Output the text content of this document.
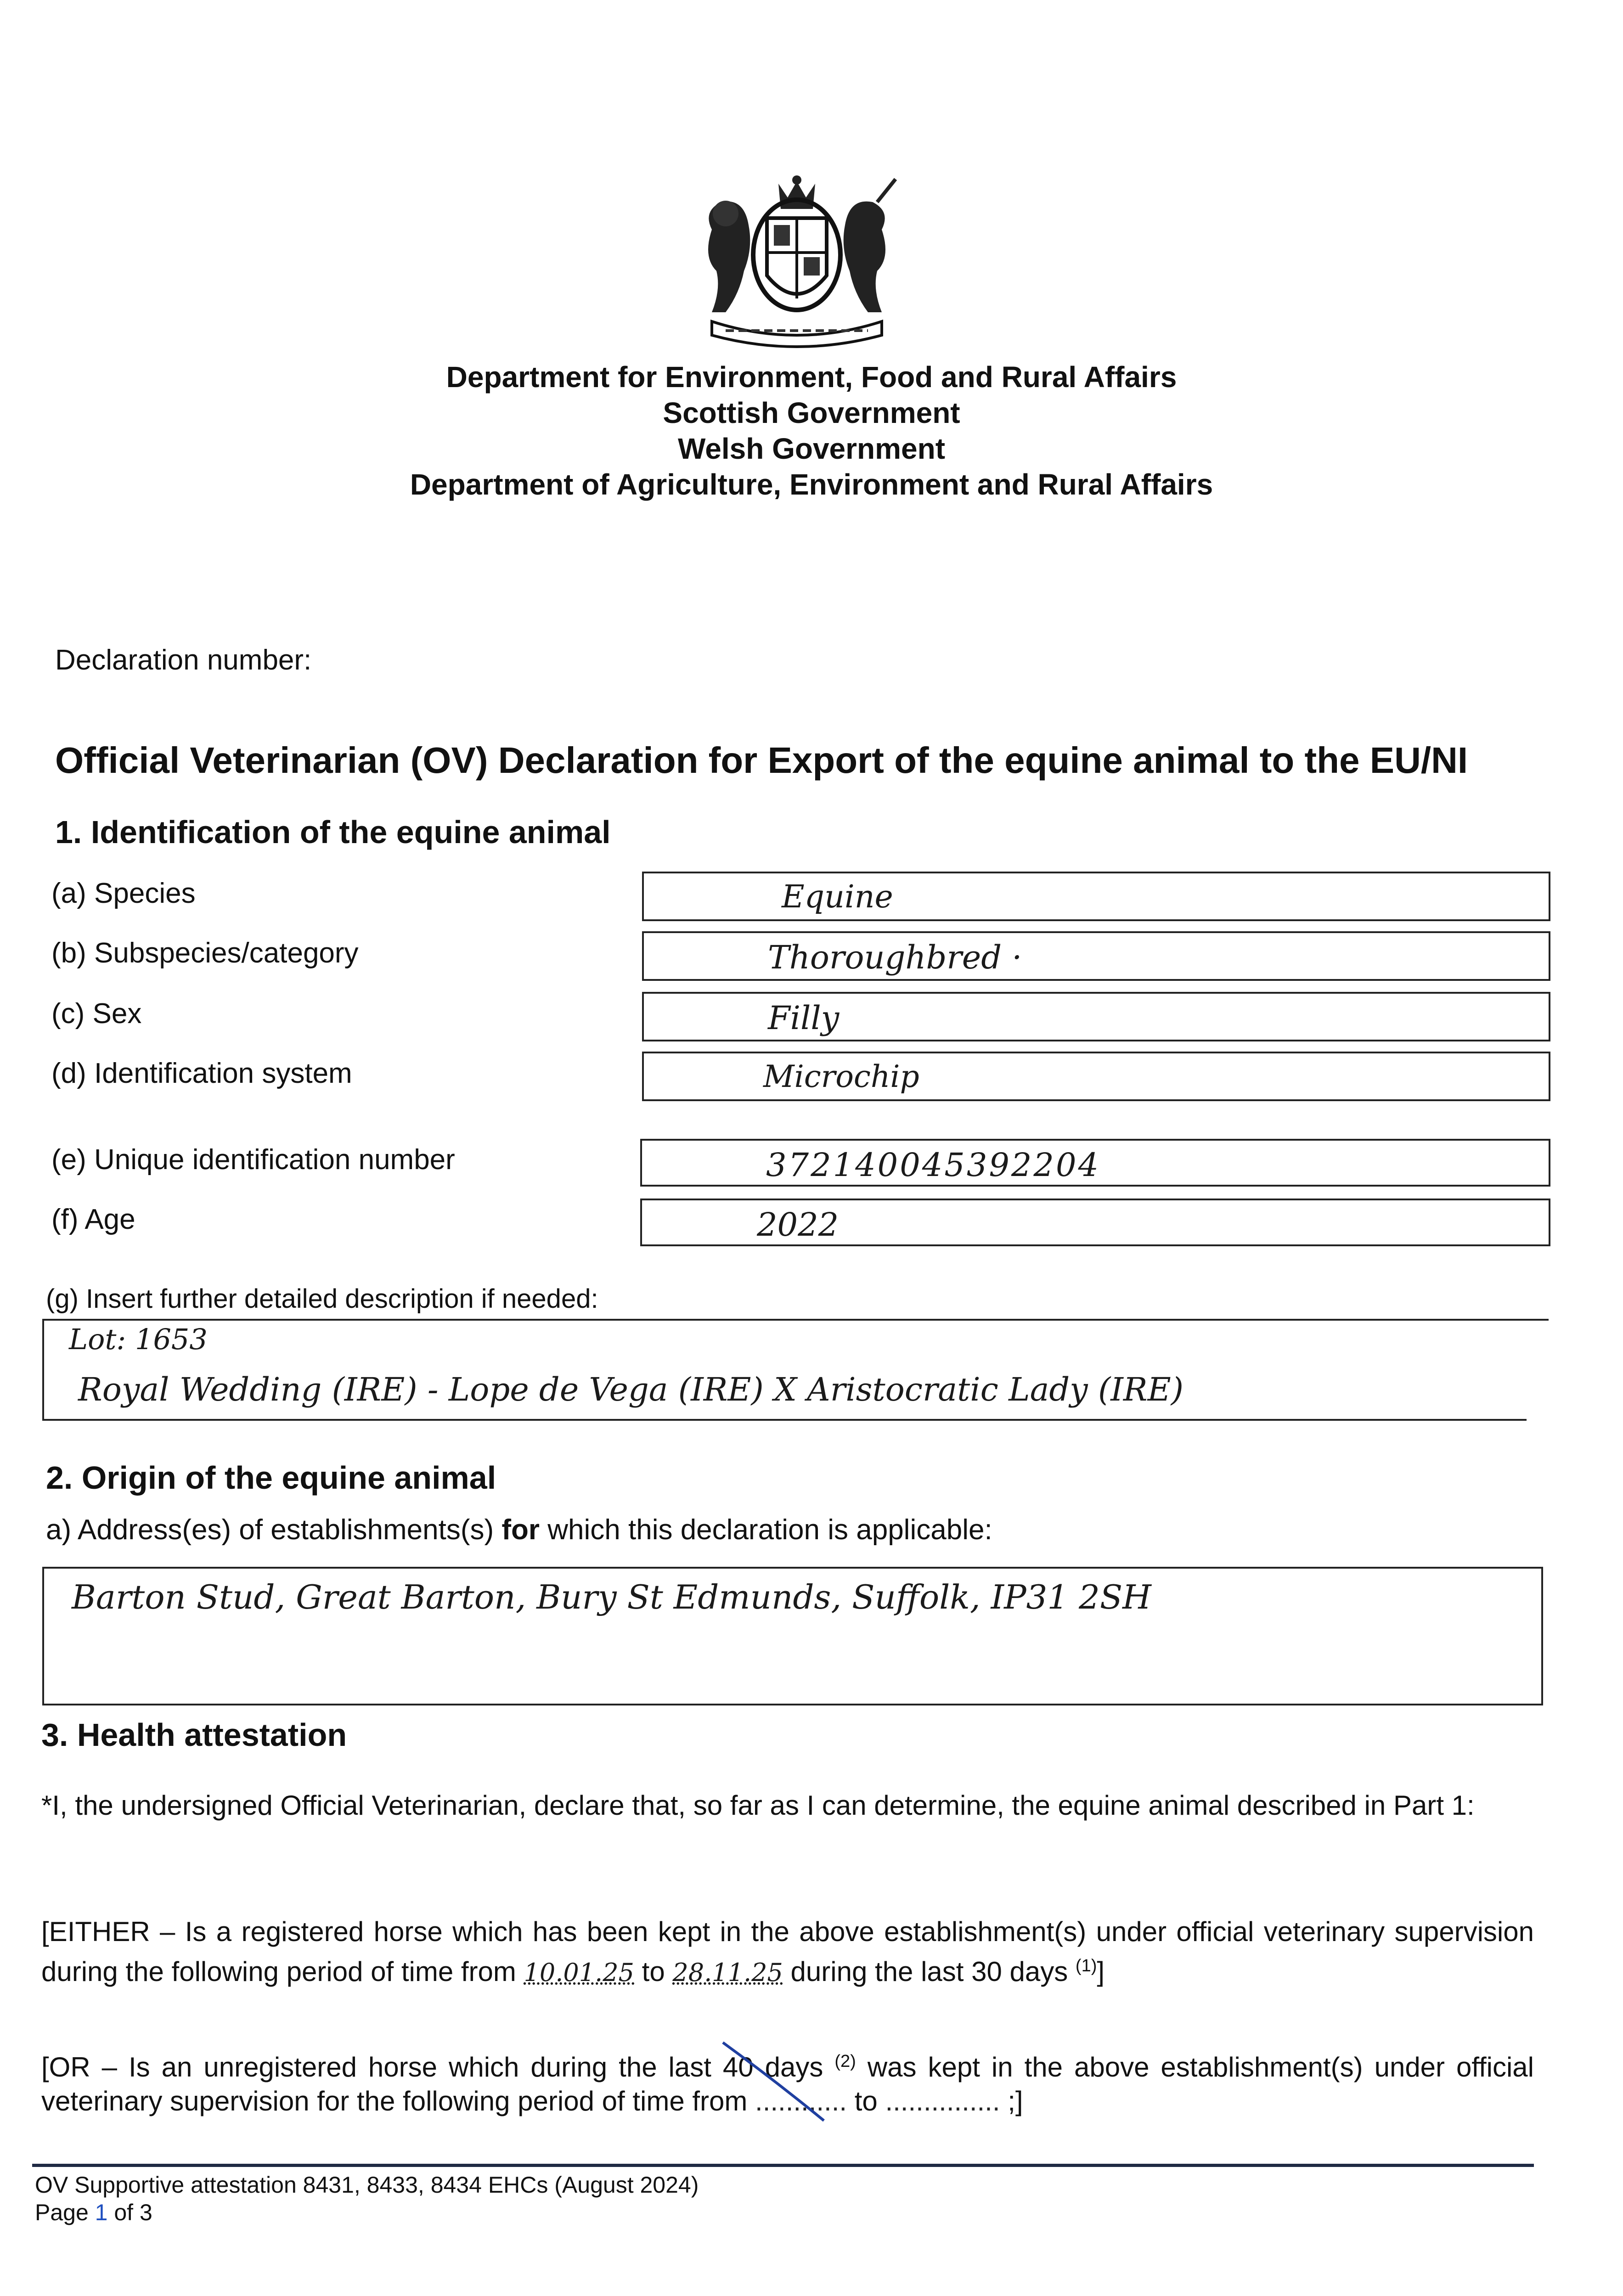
Department for Environment, Food and Rural Affairs
Scottish Government
Welsh Government
Department of Agriculture, Environment and Rural Affairs
Declaration number:
Official Veterinarian (OV) Declaration for Export of the equine animal to the EU/NI
1. Identification of the equine animal
(a) Species	Equine
(b) Subspecies/category	Thoroughbred ·
(c) Sex	Filly
(d) Identification system	Microchip
(e) Unique identification number	372140045392204
(f) Age	2022
(g) Insert further detailed description if needed:
Lot: 1653
Royal Wedding (IRE) - Lope de Vega (IRE) X Aristocratic Lady (IRE)
2. Origin of the equine animal
a) Address(es) of establishments(s) for which this declaration is applicable:
Barton Stud, Great Barton, Bury St Edmunds, Suffolk, IP31 2SH
3. Health attestation
*I, the undersigned Official Veterinarian, declare that, so far as I can determine, the equine animal described in Part 1:
[EITHER – Is a registered horse which has been kept in the above establishment(s) under official veterinary supervision during the following period of time from 10.01.25 to 28.11.25 during the last 30 days $^{(1)}$]
[OR – Is an unregistered horse which during the last 40
days $^{(2)}$ was kept in the above establishment(s) under official veterinary supervision for the following period of time from ............ to ............... ;]
OV Supportive attestation 8431, 8433, 8434 EHCs (August 2024)
Page 1 of 3
